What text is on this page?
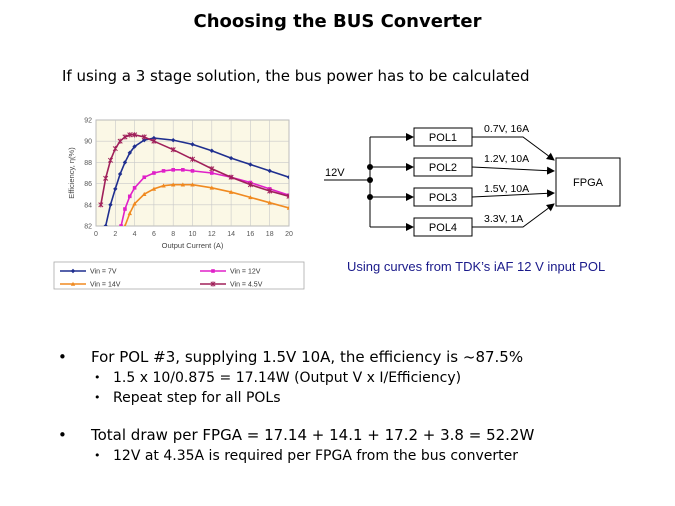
Choosing the BUS Converter
If using a 3 stage solution, the bus power has to be calculated
0 2 4 6 8 10 12 14 16 18 20
82
84
86
88
90
92
Output Current (A)
Efficiency, η(%)
Vin = 7V	Vin = 12V
Vin = 14V	Vin = 4.5V
12V
POL1
POL2
POL3
POL4
0.7V, 16A
1.2V, 10A
1.5V, 10A
3.3V, 1A
FPGA
Using curves from TDK’s iAF 12 V input POL
• For POL #3, supplying 1.5V 10A, the efficiency is ~87.5%
• 1.5 x 10/0.875 = 17.14W (Output V x I/Efficiency)
• Repeat step for all POLs
• Total draw per FPGA = 17.14 + 14.1 + 17.2 + 3.8 = 52.2W
• 12V at 4.35A is required per FPGA from the bus converter
